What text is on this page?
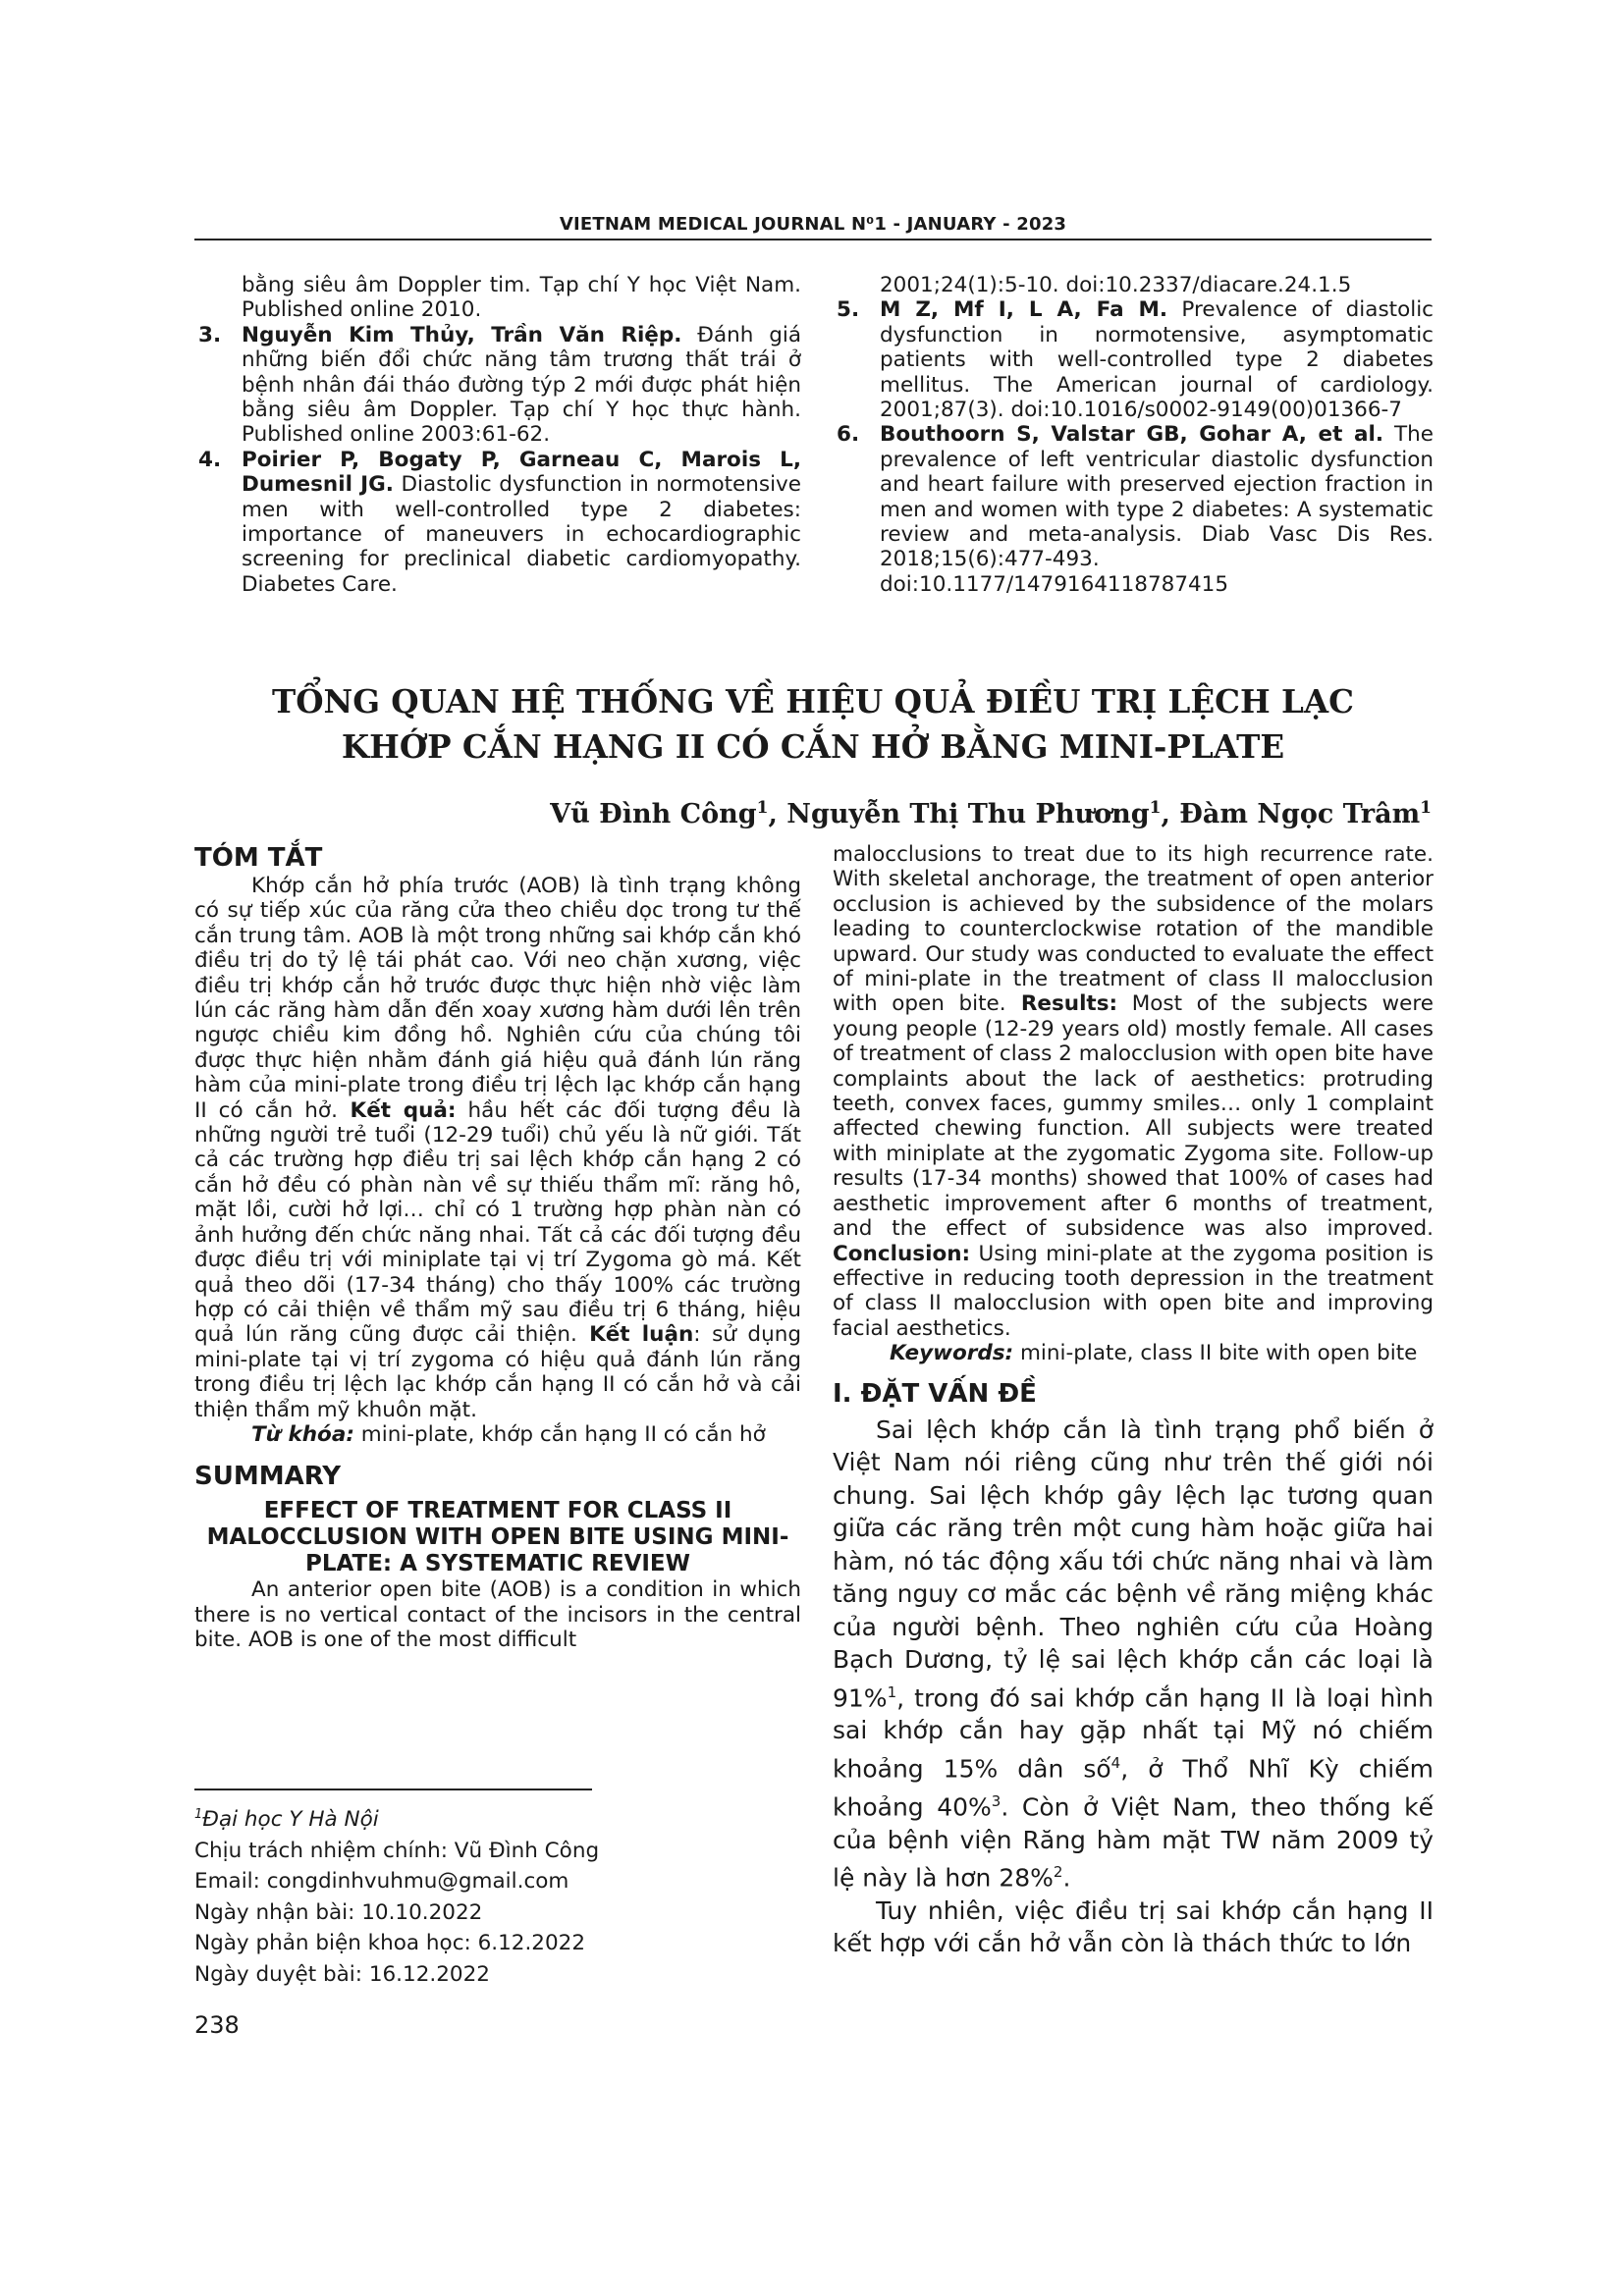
VIETNAM MEDICAL JOURNAL N⁰1 - JANUARY - 2023
bằng siêu âm Doppler tim. Tạp chí Y học Việt Nam. Published online 2010.
3. Nguyễn Kim Thủy, Trần Văn Riệp. Đánh giá những biến đổi chức năng tâm trương thất trái ở bệnh nhân đái tháo đường týp 2 mới được phát hiện bằng siêu âm Doppler. Tạp chí Y học thực hành. Published online 2003:61-62.
4. Poirier P, Bogaty P, Garneau C, Marois L, Dumesnil JG. Diastolic dysfunction in normotensive men with well-controlled type 2 diabetes: importance of maneuvers in echocardiographic screening for preclinical diabetic cardiomyopathy. Diabetes Care.
2001;24(1):5-10. doi:10.2337/diacare.24.1.5
5. M Z, Mf I, L A, Fa M. Prevalence of diastolic dysfunction in normotensive, asymptomatic patients with well-controlled type 2 diabetes mellitus. The American journal of cardiology. 2001;87(3). doi:10.1016/s0002-9149(00)01366-7
6. Bouthoorn S, Valstar GB, Gohar A, et al. The prevalence of left ventricular diastolic dysfunction and heart failure with preserved ejection fraction in men and women with type 2 diabetes: A systematic review and meta-analysis. Diab Vasc Dis Res. 2018;15(6):477-493. doi:10.1177/1479164118787415
TỔNG QUAN HỆ THỐNG VỀ HIỆU QUẢ ĐIỀU TRỊ LỆCH LẠC
KHỚP CẮN HẠNG II CÓ CẮN HỞ BẰNG MINI-PLATE
Vũ Đình Công$^1$, Nguyễn Thị Thu Phương$^1$, Đàm Ngọc Trâm$^1$
TÓM TẮT
Khớp cắn hở phía trước (AOB) là tình trạng không có sự tiếp xúc của răng cửa theo chiều dọc trong tư thế cắn trung tâm. AOB là một trong những sai khớp cắn khó điều trị do tỷ lệ tái phát cao. Với neo chặn xương, việc điều trị khớp cắn hở trước được thực hiện nhờ việc làm lún các răng hàm dẫn đến xoay xương hàm dưới lên trên ngược chiều kim đồng hồ. Nghiên cứu của chúng tôi được thực hiện nhằm đánh giá hiệu quả đánh lún răng hàm của mini-plate trong điều trị lệch lạc khớp cắn hạng II có cắn hở. Kết quả: hầu hết các đối tượng đều là những người trẻ tuổi (12-29 tuổi) chủ yếu là nữ giới. Tất cả các trường hợp điều trị sai lệch khớp cắn hạng 2 có cắn hở đều có phàn nàn về sự thiếu thẩm mĩ: răng hô, mặt lồi, cười hở lợi… chỉ có 1 trường hợp phàn nàn có ảnh hưởng đến chức năng nhai. Tất cả các đối tượng đều được điều trị với miniplate tại vị trí Zygoma gò má. Kết quả theo dõi (17-34 tháng) cho thấy 100% các trường hợp có cải thiện về thẩm mỹ sau điều trị 6 tháng, hiệu quả lún răng cũng được cải thiện. Kết luận: sử dụng mini-plate tại vị trí zygoma có hiệu quả đánh lún răng trong điều trị lệch lạc khớp cắn hạng II có cắn hở và cải thiện thẩm mỹ khuôn mặt.
Từ khóa: mini-plate, khớp cắn hạng II có cắn hở
SUMMARY
EFFECT OF TREATMENT FOR CLASS II MALOCCLUSION WITH OPEN BITE USING MINI-PLATE: A SYSTEMATIC REVIEW
An anterior open bite (AOB) is a condition in which there is no vertical contact of the incisors in the central bite. AOB is one of the most difficult
malocclusions to treat due to its high recurrence rate. With skeletal anchorage, the treatment of open anterior occlusion is achieved by the subsidence of the molars leading to counterclockwise rotation of the mandible upward. Our study was conducted to evaluate the effect of mini-plate in the treatment of class II malocclusion with open bite. Results: Most of the subjects were young people (12-29 years old) mostly female. All cases of treatment of class 2 malocclusion with open bite have complaints about the lack of aesthetics: protruding teeth, convex faces, gummy smiles… only 1 complaint affected chewing function. All subjects were treated with miniplate at the zygomatic Zygoma site. Follow-up results (17-34 months) showed that 100% of cases had aesthetic improvement after 6 months of treatment, and the effect of subsidence was also improved. Conclusion: Using mini-plate at the zygoma position is effective in reducing tooth depression in the treatment of class II malocclusion with open bite and improving facial aesthetics.
Keywords: mini-plate, class II bite with open bite
I. ĐẶT VẤN ĐỀ
Sai lệch khớp cắn là tình trạng phổ biến ở Việt Nam nói riêng cũng như trên thế giới nói chung. Sai lệch khớp gây lệch lạc tương quan giữa các răng trên một cung hàm hoặc giữa hai hàm, nó tác động xấu tới chức năng nhai và làm tăng nguy cơ mắc các bệnh về răng miệng khác của người bệnh. Theo nghiên cứu của Hoàng Bạch Dương, tỷ lệ sai lệch khớp cắn các loại là 91%$^1$, trong đó sai khớp cắn hạng II là loại hình sai khớp cắn hay gặp nhất tại Mỹ nó chiếm khoảng 15% dân số$^4$, ở Thổ Nhĩ Kỳ chiếm khoảng 40%$^3$. Còn ở Việt Nam, theo thống kế của bệnh viện Răng hàm mặt TW năm 2009 tỷ lệ này là hơn 28%$^2$.
Tuy nhiên, việc điều trị sai khớp cắn hạng II kết hợp với cắn hở vẫn còn là thách thức to lớn
$^1$Đại học Y Hà Nội
Chịu trách nhiệm chính: Vũ Đình Công
Email: congdinhvuhmu@gmail.com
Ngày nhận bài: 10.10.2022
Ngày phản biện khoa học: 6.12.2022
Ngày duyệt bài: 16.12.2022
238
